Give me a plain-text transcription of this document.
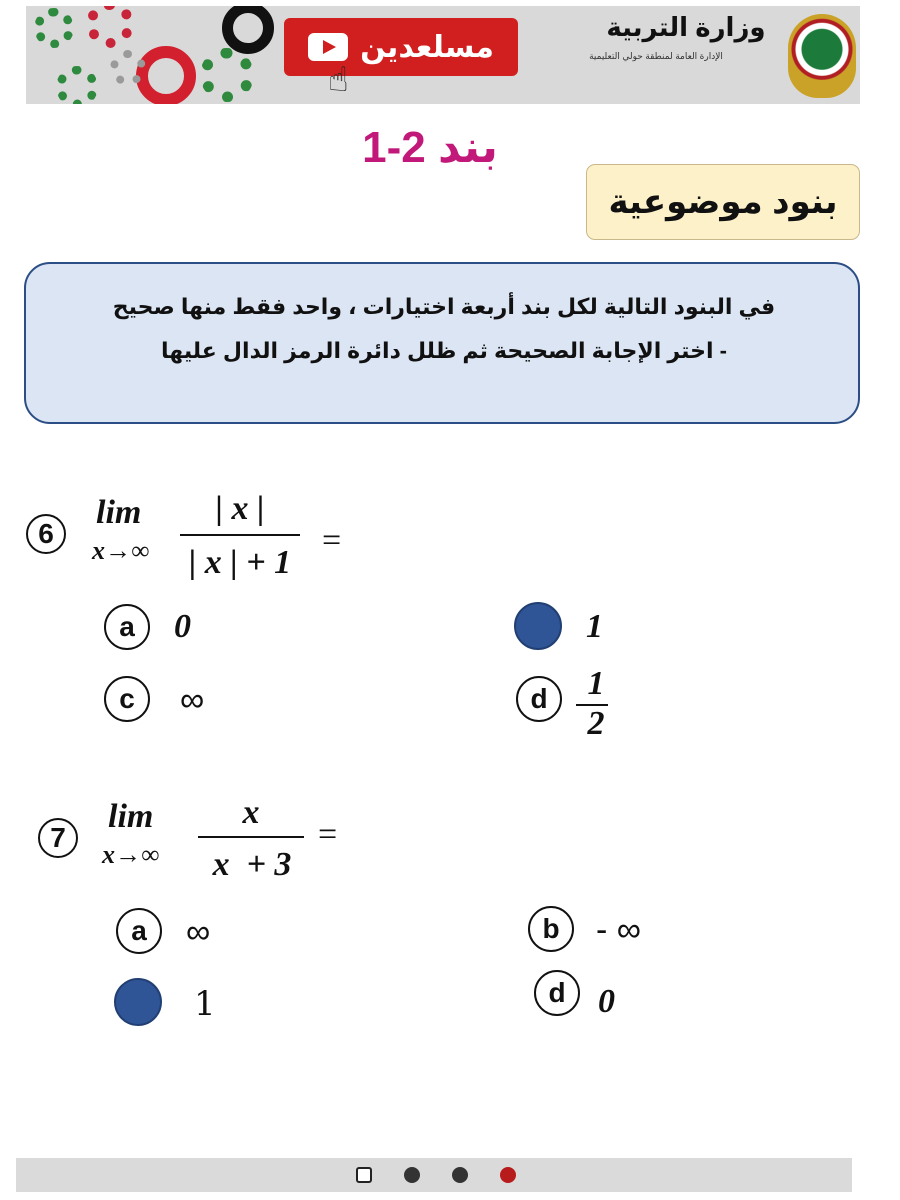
مسلعدين
☝
وزارة التربية
الإدارة العامة لمنطقة حولي التعليمية
بند 2-1
بنود موضوعية
في البنود التالية لكل بند أربعة اختيارات ، واحد فقط منها صحيح
- اختر الإجابة الصحيحة ثم ظلل دائرة الرمز الدال عليها
6
lim
x→∞
| x |
| x | + 1
=
a	0	1
c	∞	d	1
2
7
lim
x→∞
x
x  + 3
=
a	∞	b	- ∞
1	d 0
